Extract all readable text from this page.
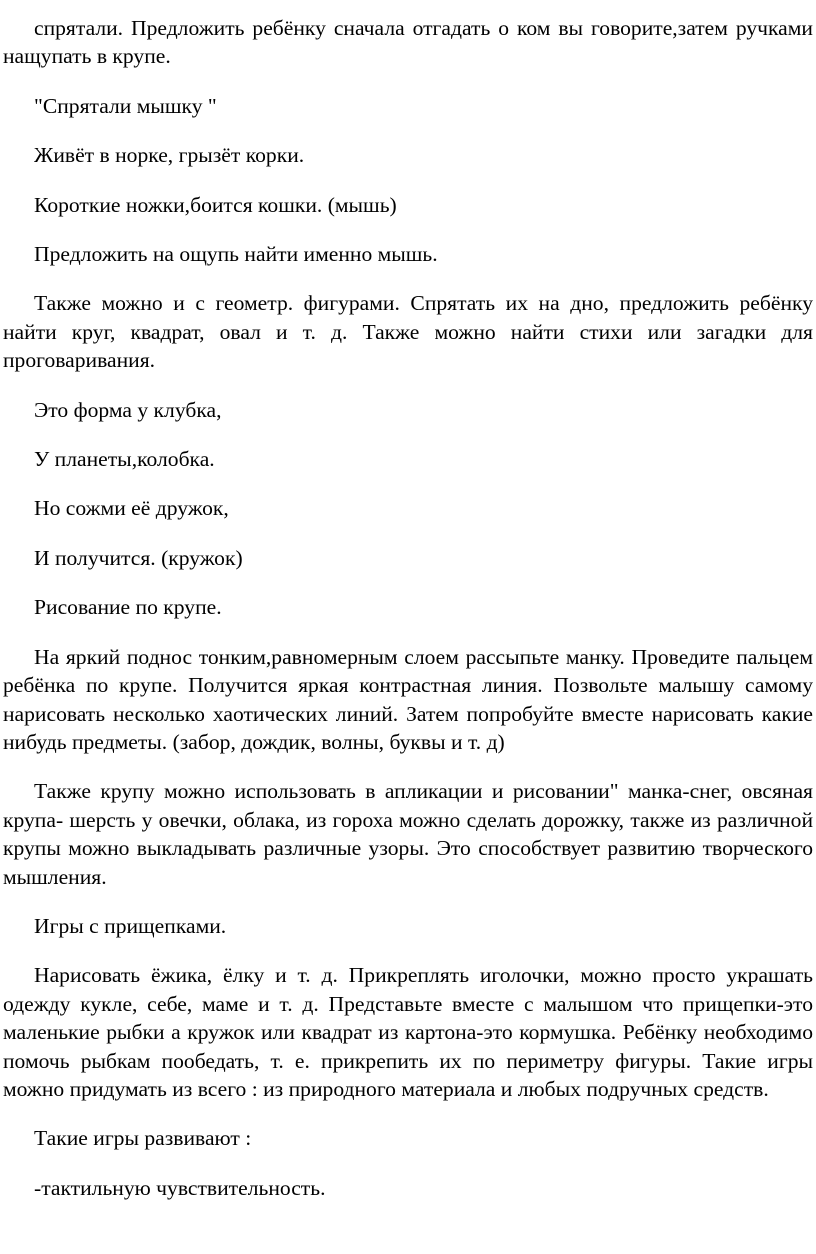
спрятали. Предложить ребёнку сначала отгадать о ком вы говорите,затем ручками нащупать в крупе.

"Спрятали мышку "

Живёт в норке, грызёт корки.

Короткие ножки,боится кошки. (мышь)

Предложить на ощупь найти именно мышь.

Также можно и с геометр. фигурами. Спрятать их на дно, предложить ребёнку найти круг, квадрат, овал и т. д. Также можно найти стихи или загадки для проговаривания.

Это форма у клубка,

У планеты,колобка.

Но сожми её дружок,

И получится. (кружок)

Рисование по крупе.

На яркий поднос тонким,равномерным слоем рассыпьте манку. Проведите пальцем ребёнка по крупе. Получится яркая контрастная линия. Позвольте малышу самому нарисовать несколько хаотических линий. Затем попробуйте вместе нарисовать какие нибудь предметы. (забор, дождик, волны, буквы и т. д)

Также крупу можно использовать в апликации и рисовании" манка-снег, овсяная крупа- шерсть у овечки, облака, из гороха можно сделать дорожку, также из различной крупы можно выкладывать различные узоры. Это способствует развитию творческого мышления.

Игры с прищепками.

Нарисовать ёжика, ёлку и т. д. Прикреплять иголочки, можно просто украшать одежду кукле, себе, маме и т. д. Представьте вместе с малышом что прищепки-это маленькие рыбки а кружок или квадрат из картона-это кормушка. Ребёнку необходимо помочь рыбкам пообедать, т. е. прикрепить их по периметру фигуры. Такие игры можно придумать из всего : из природного материала и любых подручных средств.

Такие игры развивают :

-тактильную чувствительность.
